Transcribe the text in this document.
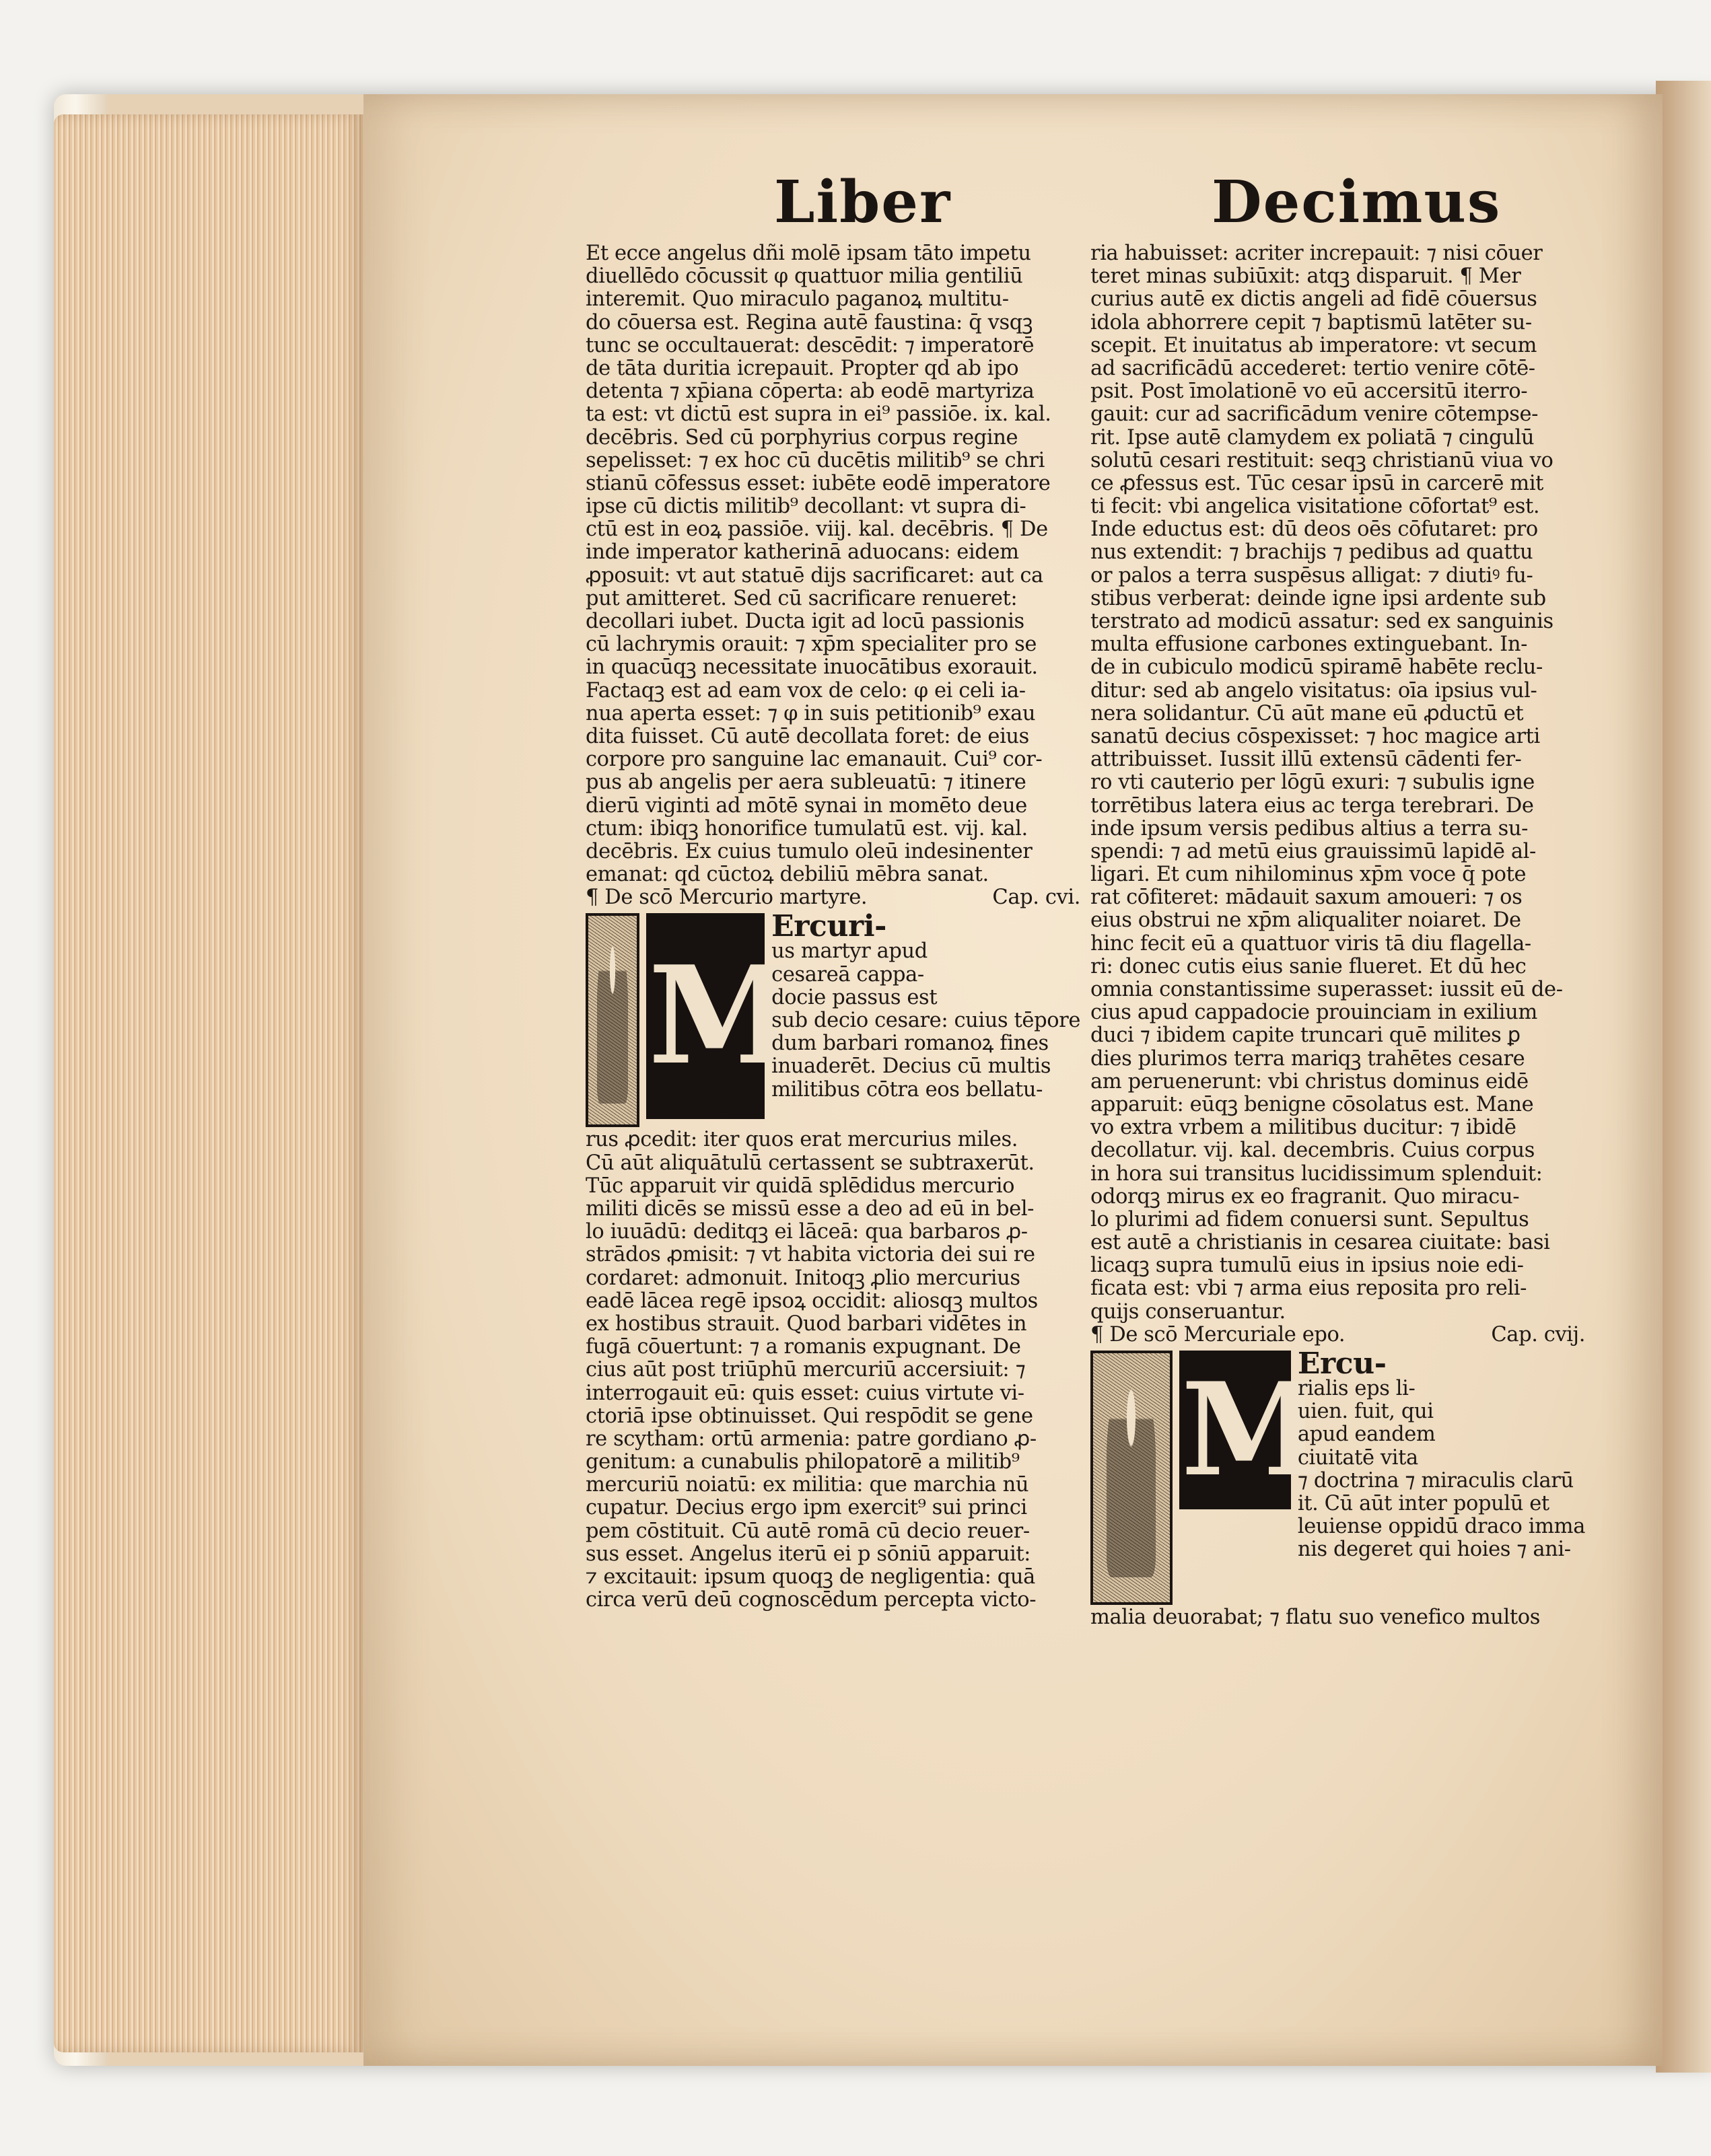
Liber	Decimus
Et ecce angelus dñi molē ipsam tāto impetu
diuellēdo cōcussit φ quattuor milia gentiliū
interemit. Quo miraculo paganoꝝ multitu-
do cōuersa est. Regina autē faustina: q̄ vsqꝫ
tunc se occultauerat: descēdit: ⁊ imperatorē
de tāta duritia icrepauit. Propter qd ab ipo
detenta ⁊ xp̄iana cōperta: ab eodē martyriza
ta est: vt dictū est supra in ei⁹ passiōe. ix. kal.
decēbris. Sed cū porphyrius corpus regine
sepelisset: ⁊ ex hoc cū ducētis militib⁹ se chri
stianū cōfessus esset: iubēte eodē imperatore
ipse cū dictis militib⁹ decollant: vt supra di-
ctū est in eoꝝ passiōe. viij. kal. decēbris. ¶ De
inde imperator katherinā aduocans: eidem
ꝓposuit: vt aut statuē dijs sacrificaret: aut ca
put amitteret. Sed cū sacrificare renueret:
decollari iubet. Ducta igit ad locū passionis
cū lachrymis orauit: ⁊ xp̄m specialiter pro se
in quacūqꝫ necessitate inuocātibus exorauit.
Factaqꝫ est ad eam vox de celo: φ ei celi ia-
nua aperta esset: ⁊ φ in suis petitionib⁹ exau
dita fuisset. Cū autē decollata foret: de eius
corpore pro sanguine lac emanauit. Cui⁹ cor-
pus ab angelis per aera subleuatū: ⁊ itinere
dierū viginti ad mōtē synai in momēto deue
ctum: ibiqꝫ honorifice tumulatū est. vij. kal.
decēbris. Ex cuius tumulo oleū indesinenter
emanat: qd cūctoꝝ debiliū mēbra sanat.
¶ De scō Mercurio martyre.	Cap. cvi.
M
Ercuri-
us martyr apud
cesareā cappa-
docie passus est
sub decio cesare: cuius tēpore
dum barbari romanoꝝ fines
inuaderēt. Decius cū multis
militibus cōtra eos bellatu-
rus ꝓcedit: iter quos erat mercurius miles.
Cū aūt aliquātulū certassent se subtraxerūt.
Tūc apparuit vir quidā splēdidus mercurio
militi dicēs se missū esse a deo ad eū in bel-
lo iuuādū: deditqꝫ ei lāceā: qua barbaros ꝓ-
strādos ꝓmisit: ⁊ vt habita victoria dei sui re
cordaret: admonuit. Initoqꝫ ꝓlio mercurius
eadē lācea regē ipsoꝝ occidit: aliosqꝫ multos
ex hostibus strauit. Quod barbari vidētes in
fugā cōuertunt: ⁊ a romanis expugnant. De
cius aūt post triūphū mercuriū accersiuit: ⁊
interrogauit eū: quis esset: cuius virtute vi-
ctoriā ipse obtinuisset. Qui respōdit se gene
re scytham: ortū armenia: patre gordiano ꝓ-
genitum: a cunabulis philopatorē a militib⁹
mercuriū noiatū: ex militia: que marchia nū
cupatur. Decius ergo ipm exercit⁹ sui princi
pem cōstituit. Cū autē romā cū decio reuer-
sus esset. Angelus iterū ei p sōniū apparuit:
⁊ excitauit: ipsum quoqꝫ de negligentia: quā
circa verū deū cognoscēdum percepta victo-
ria habuisset: acriter increpauit: ⁊ nisi cōuer
teret minas subiūxit: atqꝫ disparuit. ¶ Mer
curius autē ex dictis angeli ad fidē cōuersus
idola abhorrere cepit ⁊ baptismū latēter su-
scepit. Et inuitatus ab imperatore: vt secum
ad sacrificādū accederet: tertio venire cōtē-
psit. Post īmolationē vo eū accersitū iterro-
gauit: cur ad sacrificādum venire cōtempse-
rit. Ipse autē clamydem ex poliatā ⁊ cingulū
solutū cesari restituit: seqꝫ christianū viua vo
ce ꝓfessus est. Tūc cesar ipsū in carcerē mit
ti fecit: vbi angelica visitatione cōfortat⁹ est.
Inde eductus est: dū deos oēs cōfutaret: pro
nus extendit: ⁊ brachijs ⁊ pedibus ad quattu
or palos a terra suspēsus alligat: ⁊ diutiꝰ fu-
stibus verberat: deinde igne ipsi ardente sub
terstrato ad modicū assatur: sed ex sanguinis
multa effusione carbones extinguebant. In-
de in cubiculo modicū spiramē habēte reclu-
ditur: sed ab angelo visitatus: oīa ipsius vul-
nera solidantur. Cū aūt mane eū ꝓductū et
sanatū decius cōspexisset: ⁊ hoc magice arti
attribuisset. Iussit illū extensū cādenti fer-
ro vti cauterio per lōgū exuri: ⁊ subulis igne
torrētibus latera eius ac terga terebrari. De
inde ipsum versis pedibus altius a terra su-
spendi: ⁊ ad metū eius grauissimū lapidē al-
ligari. Et cum nihilominus xp̄m voce q̄ pote
rat cōfiteret: mādauit saxum amoueri: ⁊ os
eius obstrui ne xp̄m aliqualiter noiaret. De
hinc fecit eū a quattuor viris tā diu flagella-
ri: donec cutis eius sanie flueret. Et dū hec
omnia constantissime superasset: iussit eū de-
cius apud cappadocie prouinciam in exilium
duci ⁊ ibidem capite truncari quē milites ꝑ
dies plurimos terra mariqꝫ trahētes cesare
am peruenerunt: vbi christus dominus eidē
apparuit: eūqꝫ benigne cōsolatus est. Mane
vo extra vrbem a militibus ducitur: ⁊ ibidē
decollatur. vij. kal. decembris. Cuius corpus
in hora sui transitus lucidissimum splenduit:
odorqꝫ mirus ex eo fragranit. Quo miracu-
lo plurimi ad fidem conuersi sunt. Sepultus
est autē a christianis in cesarea ciuitate: basi
licaqꝫ supra tumulū eius in ipsius noie edi-
ficata est: vbi ⁊ arma eius reposita pro reli-
quijs conseruantur.
¶ De scō Mercuriale epo.	Cap. cvij.
M
Ercu-
rialis eps li-
uien. fuit, qui
apud eandem
ciuitatē vita
⁊ doctrina ⁊ miraculis clarū
it. Cū aūt inter populū et
leuiense oppidū draco imma
nis degeret qui hoies ⁊ ani-
malia deuorabat; ⁊ flatu suo venefico multos
